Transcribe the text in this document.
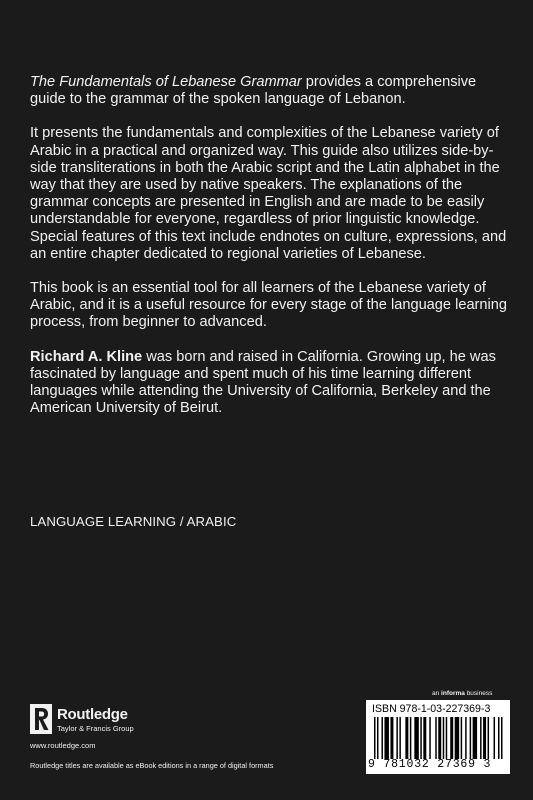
The Fundamentals of Lebanese Grammar provides a comprehensive guide to the grammar of the spoken language of Lebanon.

It presents the fundamentals and complexities of the Lebanese variety of Arabic in a practical and organized way. This guide also utilizes side-by-side transliterations in both the Arabic script and the Latin alphabet in the way that they are used by native speakers. The explanations of the grammar concepts are presented in English and are made to be easily understandable for everyone, regardless of prior linguistic knowledge. Special features of this text include endnotes on culture, expressions, and an entire chapter dedicated to regional varieties of Lebanese.

This book is an essential tool for all learners of the Lebanese variety of Arabic, and it is a useful resource for every stage of the language learning process, from beginner to advanced.

Richard A. Kline was born and raised in California. Growing up, he was fascinated by language and spent much of his time learning different languages while attending the University of California, Berkeley and the American University of Beirut.

LANGUAGE LEARNING / ARABIC
Routledge
Taylor & Francis Group
www.routledge.com
Routledge titles are available as eBook editions in a range of digital formats
an informa business
ISBN 978-1-03-227369-3
9 781032 27369 3
